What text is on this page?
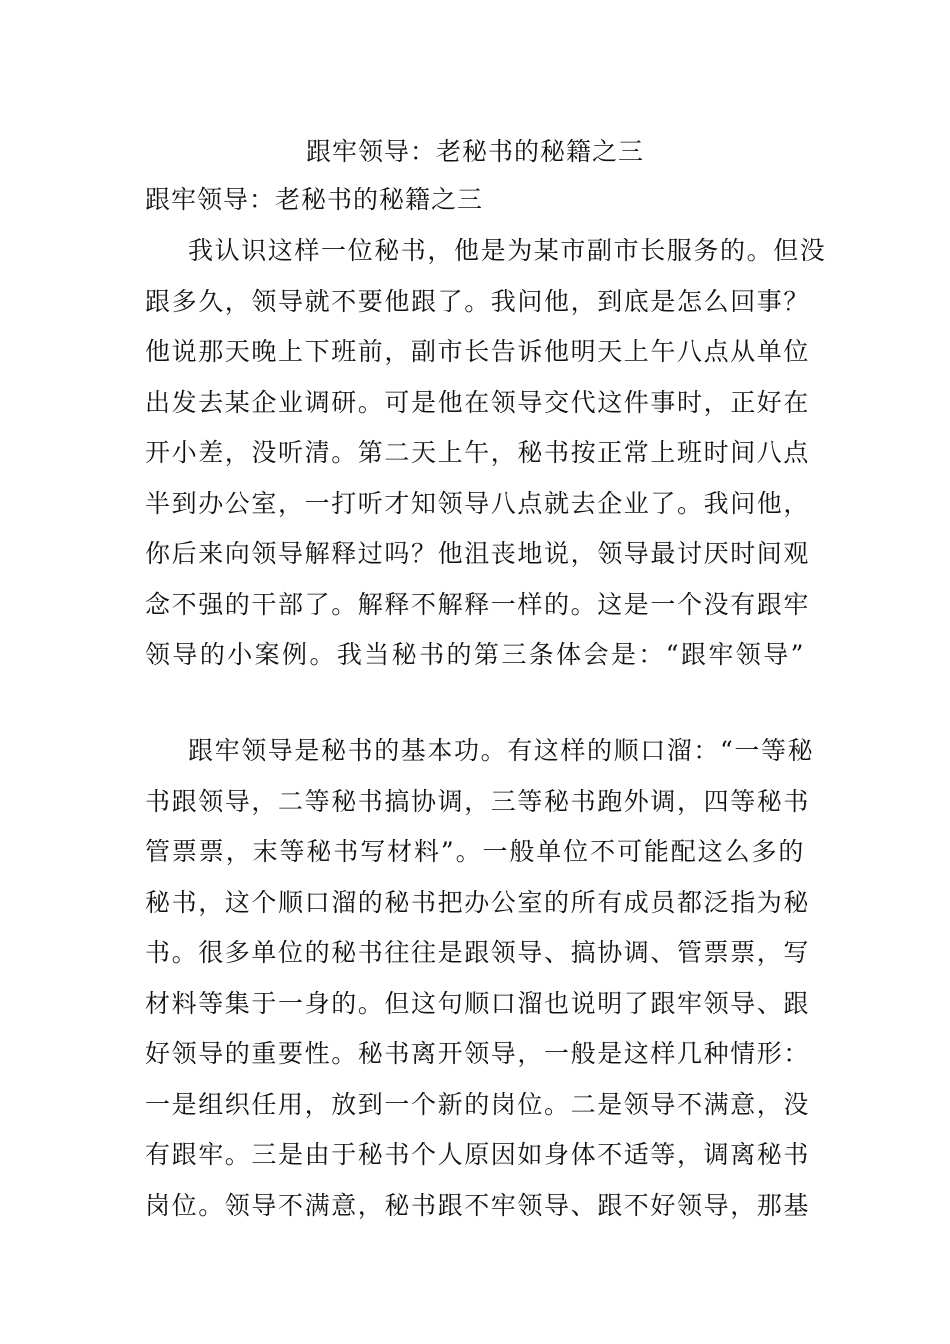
跟牢领导：老秘书的秘籍之三
跟牢领导：老秘书的秘籍之三
我认识这样一位秘书，他是为某市副市长服务的。但没
跟多久，领导就不要他跟了。我问他，到底是怎么回事？
他说那天晚上下班前，副市长告诉他明天上午八点从单位
出发去某企业调研。可是他在领导交代这件事时，正好在
开小差，没听清。第二天上午，秘书按正常上班时间八点
半到办公室，一打听才知领导八点就去企业了。我问他，
你后来向领导解释过吗？他沮丧地说，领导最讨厌时间观
念不强的干部了。解释不解释一样的。这是一个没有跟牢
领导的小案例。我当秘书的第三条体会是：“跟牢领导”
跟牢领导是秘书的基本功。有这样的顺口溜：“一等秘
书跟领导，二等秘书搞协调，三等秘书跑外调，四等秘书
管票票，末等秘书写材料”。一般单位不可能配这么多的
秘书，这个顺口溜的秘书把办公室的所有成员都泛指为秘
书。很多单位的秘书往往是跟领导、搞协调、管票票，写
材料等集于一身的。但这句顺口溜也说明了跟牢领导、跟
好领导的重要性。秘书离开领导，一般是这样几种情形：
一是组织任用，放到一个新的岗位。二是领导不满意，没
有跟牢。三是由于秘书个人原因如身体不适等，调离秘书
岗位。领导不满意，秘书跟不牢领导、跟不好领导，那基
